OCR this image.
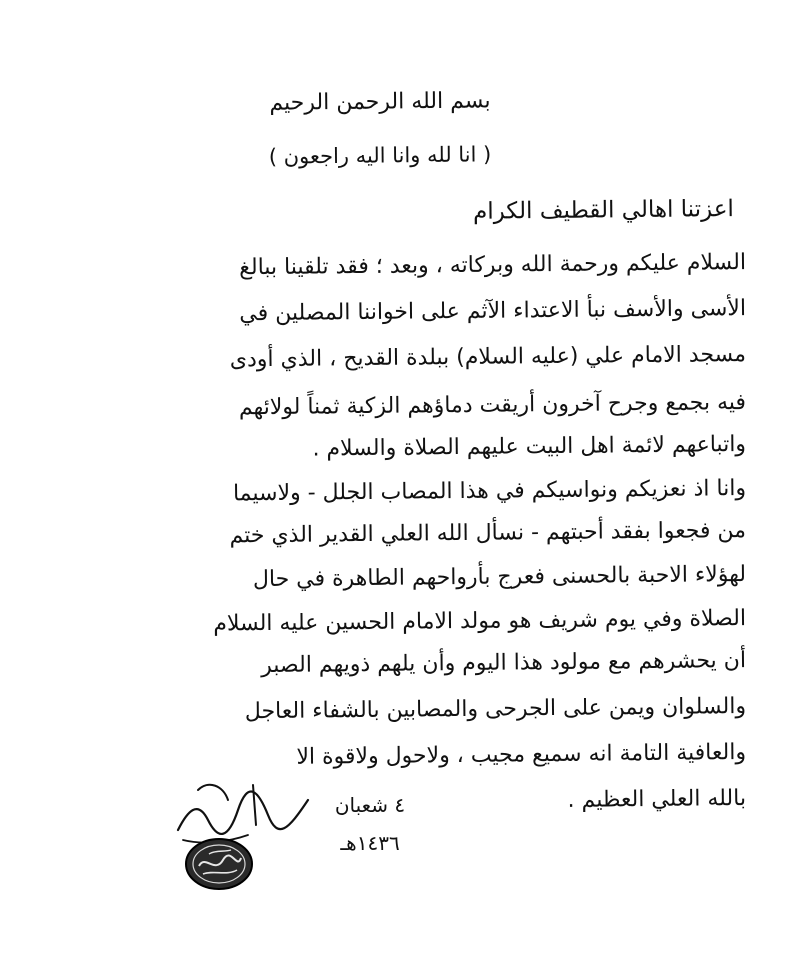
بسم الله الرحمن الرحيم
( انا لله وانا اليه راجعون )
اعزتنا اهالي القطيف الكرام
السلام عليكم ورحمة الله وبركاته ، وبعد ؛ فقد تلقينا ببالغ
الأسى والأسف نبأ الاعتداء الآثم على اخواننا المصلين في
مسجد الامام علي (عليه السلام) ببلدة القديح ، الذي أودى
فيه بجمع وجرح آخرون أريقت دماؤهم الزكية ثمناً لولائهم
واتباعهم لائمة اهل البيت عليهم الصلاة والسلام .
وانا اذ نعزيكم ونواسيكم في هذا المصاب الجلل - ولاسيما
من فجعوا بفقد أحبتهم - نسأل الله العلي القدير الذي ختم
لهؤلاء الاحبة بالحسنى فعرج بأرواحهم الطاهرة في حال
الصلاة وفي يوم شريف هو مولد الامام الحسين عليه السلام
أن يحشرهم مع مولود هذا اليوم وأن يلهم ذويهم الصبر
والسلوان ويمن على الجرحى والمصابين بالشفاء العاجل
والعافية التامة انه سميع مجيب ، ولاحول ولاقوة الا
بالله العلي العظيم .
٤ شعبان
١٤٣٦هـ
